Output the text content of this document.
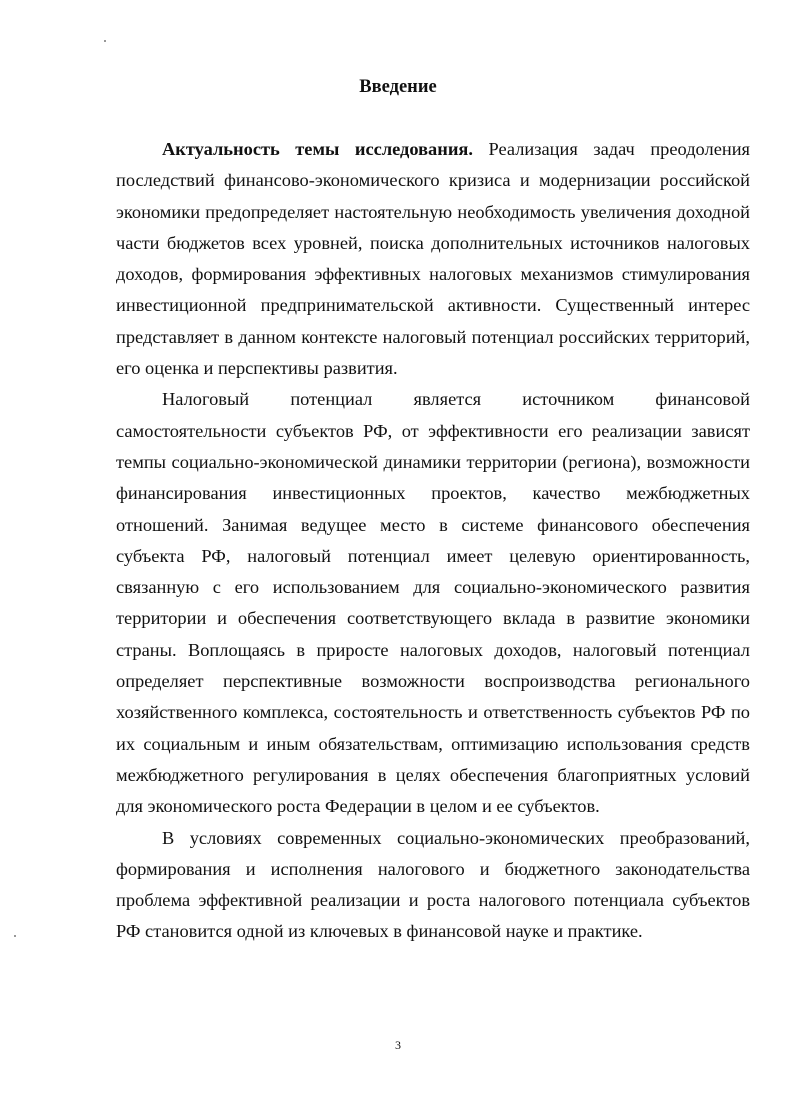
Введение

Актуальность темы исследования. Реализация задач преодоления последствий финансово-экономического кризиса и модернизации российской экономики предопределяет настоятельную необходимость увеличения доходной части бюджетов всех уровней, поиска дополнительных источников налоговых доходов, формирования эффективных налоговых механизмов стимулирования инвестиционной предпринимательской активности. Существенный интерес представляет в данном контексте налоговый потенциал российских территорий, его оценка и перспективы развития.

Налоговый потенциал является источником финансовой самостоятельности субъектов РФ, от эффективности его реализации зависят темпы социально-экономической динамики территории (региона), возможности финансирования инвестиционных проектов, качество межбюджетных отношений. Занимая ведущее место в системе финансового обеспечения субъекта РФ, налоговый потенциал имеет целевую ориентированность, связанную с его использованием для социально-экономического развития территории и обеспечения соответствующего вклада в развитие экономики страны. Воплощаясь в приросте налоговых доходов, налоговый потенциал определяет перспективные возможности воспроизводства регионального хозяйственного комплекса, состоятельность и ответственность субъектов РФ по их социальным и иным обязательствам, оптимизацию использования средств межбюджетного регулирования в целях обеспечения благоприятных условий для экономического роста Федерации в целом и ее субъектов.

В условиях современных социально-экономических преобразований, формирования и исполнения налогового и бюджетного законодательства проблема эффективной реализации и роста налогового потенциала субъектов РФ становится одной из ключевых в финансовой науке и практике.

3
